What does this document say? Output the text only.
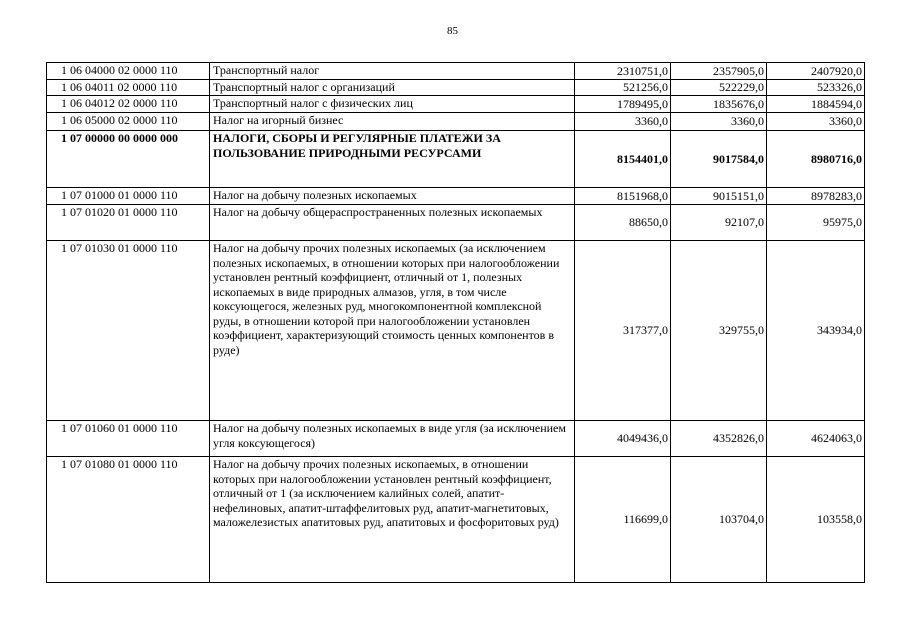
85
1 06 04000 02 0000 110	Транспортный налог	2310751,0	2357905,0	2407920,0
1 06 04011 02 0000 110	Транспортный налог с организаций	521256,0	522229,0	523326,0
1 06 04012 02 0000 110	Транспортный налог с физических лиц	1789495,0	1835676,0	1884594,0
1 06 05000 02 0000 110	Налог на игорный бизнес	3360,0	3360,0	3360,0
1 07 00000 00 0000 000	НАЛОГИ, СБОРЫ И РЕГУЛЯРНЫЕ ПЛАТЕЖИ ЗА ПОЛЬЗОВАНИЕ ПРИРОДНЫМИ РЕСУРСАМИ	8154401,0	9017584,0	8980716,0
1 07 01000 01 0000 110	Налог на добычу полезных ископаемых	8151968,0	9015151,0	8978283,0
1 07 01020 01 0000 110	Налог на добычу общераспространенных полезных ископаемых	88650,0	92107,0	95975,0
1 07 01030 01 0000 110	Налог на добычу прочих полезных ископаемых (за исключением полезных ископаемых, в отношении которых при налогообложении установлен рентный коэффициент, отличный от 1, полезных ископаемых в виде природных алмазов, угля, в том числе коксующегося, железных руд, многокомпонентной комплексной руды, в отношении которой при налогообложении установлен коэффициент, характеризующий стоимость ценных компонентов в руде)	317377,0	329755,0	343934,0
1 07 01060 01 0000 110	Налог на добычу полезных ископаемых в виде угля (за исключением угля коксующегося)	4049436,0	4352826,0	4624063,0
1 07 01080 01 0000 110	Налог на добычу прочих полезных ископаемых, в отношении которых при налогообложении установлен рентный коэффициент, отличный от 1 (за исключением калийных солей, апатит-нефелиновых, апатит-штаффелитовых руд, апатит-магнетитовых, маложелезистых апатитовых руд, апатитовых и фосфоритовых руд)	116699,0	103704,0	103558,0
